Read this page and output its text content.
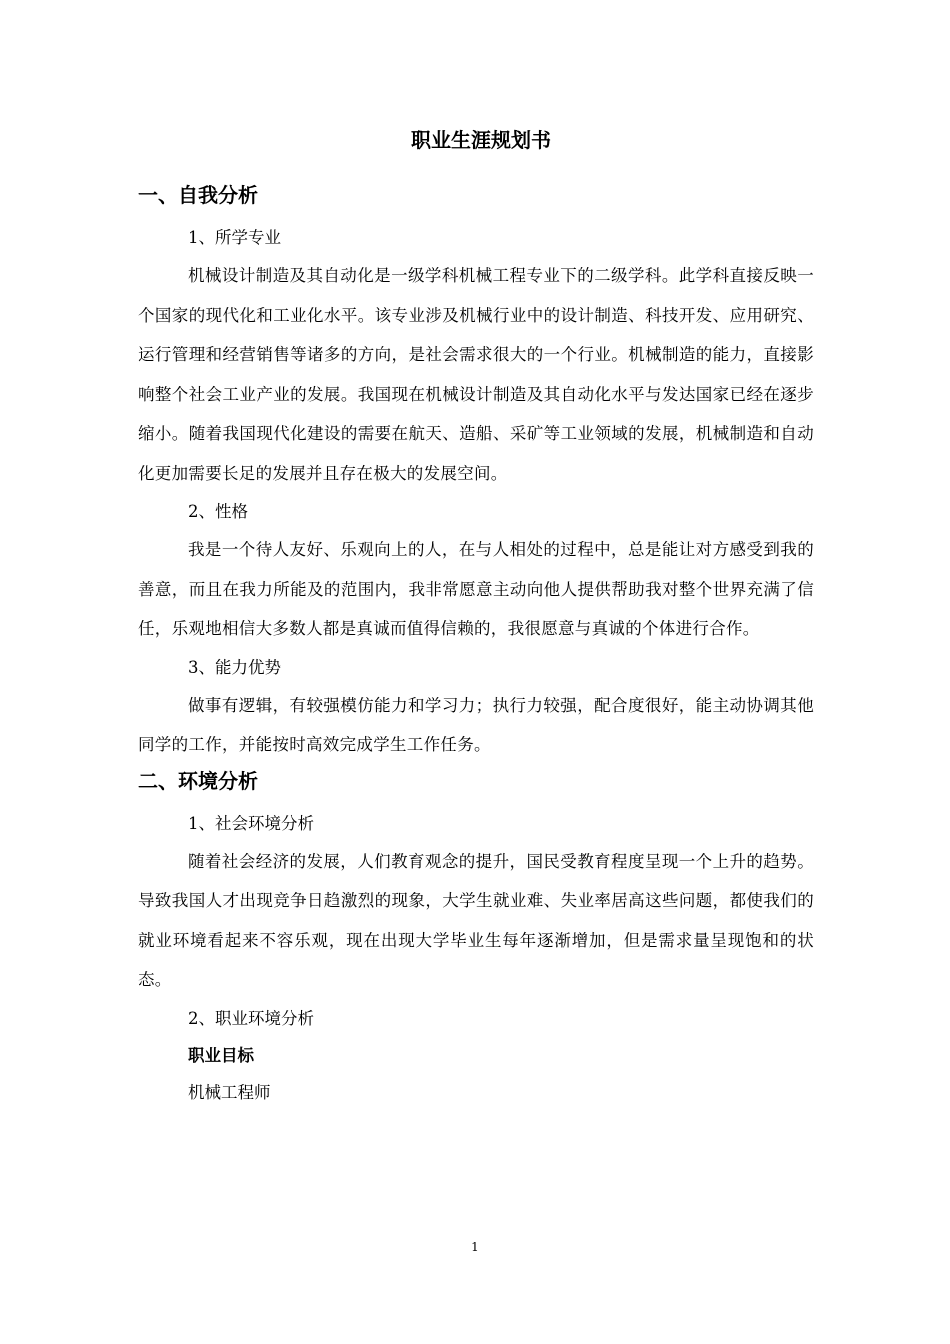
职业生涯规划书
一、自我分析

1、所学专业

机械设计制造及其自动化是一级学科机械工程专业下的二级学科。此学科直接反映一个国家的现代化和工业化水平。该专业涉及机械行业中的设计制造、科技开发、应用研究、运行管理和经营销售等诸多的方向，是社会需求很大的一个行业。机械制造的能力，直接影响整个社会工业产业的发展。我国现在机械设计制造及其自动化水平与发达国家已经在逐步缩小。随着我国现代化建设的需要在航天、造船、采矿等工业领域的发展，机械制造和自动化更加需要长足的发展并且存在极大的发展空间。

2、性格

我是一个待人友好、乐观向上的人，在与人相处的过程中，总是能让对方感受到我的善意，而且在我力所能及的范围内，我非常愿意主动向他人提供帮助我对整个世界充满了信任，乐观地相信大多数人都是真诚而值得信赖的，我很愿意与真诚的个体进行合作。

3、能力优势

做事有逻辑，有较强模仿能力和学习力；执行力较强，配合度很好，能主动协调其他同学的工作，并能按时高效完成学生工作任务。

二、环境分析

1、社会环境分析

随着社会经济的发展，人们教育观念的提升，国民受教育程度呈现一个上升的趋势。导致我国人才出现竞争日趋激烈的现象，大学生就业难、失业率居高这些问题，都使我们的就业环境看起来不容乐观，现在出现大学毕业生每年逐渐增加，但是需求量呈现饱和的状态。

2、职业环境分析

职业目标

机械工程师

1
